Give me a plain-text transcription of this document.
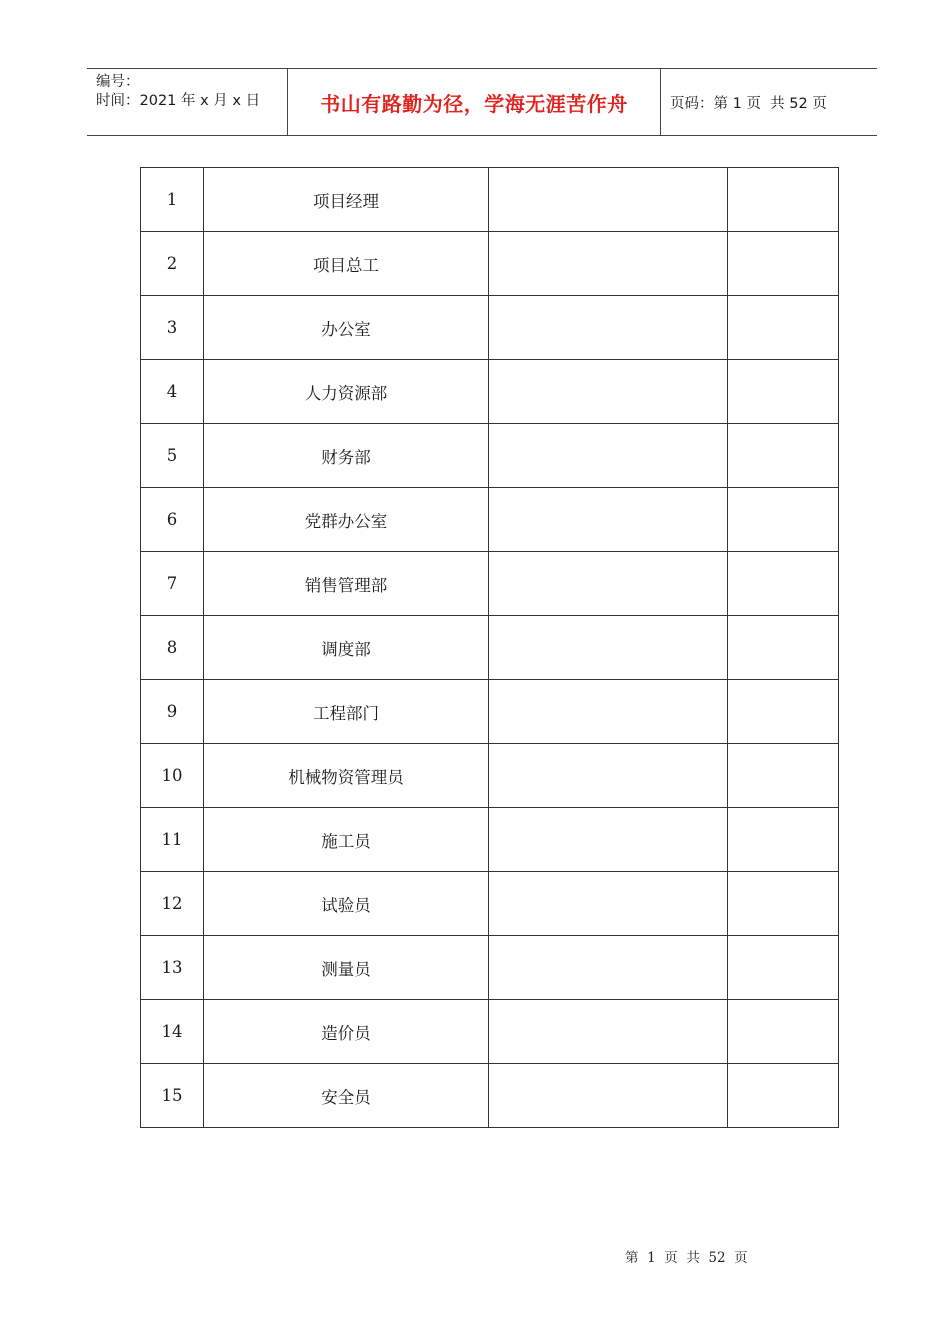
编号：
时间：2021 年 x 月 x 日	书山有路勤为径，学海无涯苦作舟	页码：第 1 页  共 52 页
1	项目经理		
2	项目总工		
3	办公室		
4	人力资源部		
5	财务部		
6	党群办公室		
7	销售管理部		
8	调度部		
9	工程部门		
10	机械物资管理员		
11	施工员		
12	试验员		
13	测量员		
14	造价员		
15	安全员		
第  1  页  共  52  页
